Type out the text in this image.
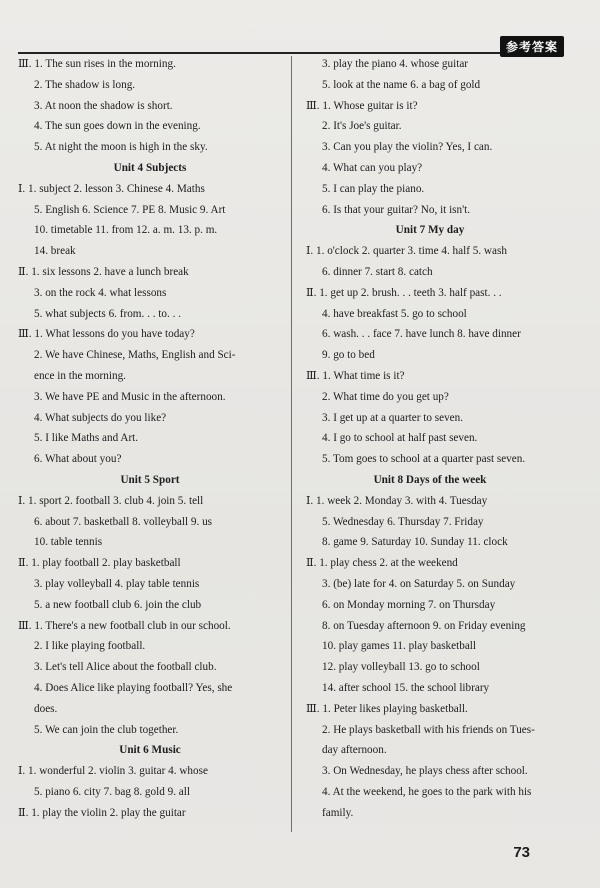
参考答案
Ⅲ. 1. The sun rises in the morning.
2. The shadow is long.
3. At noon the shadow is short.
4. The sun goes down in the evening.
5. At night the moon is high in the sky.
Unit 4 Subjects
Ⅰ. 1. subject 2. lesson 3. Chinese 4. Maths
5. English 6. Science 7. PE 8. Music 9. Art
10. timetable 11. from 12. a. m. 13. p. m.
14. break
Ⅱ. 1. six lessons 2. have a lunch break
3. on the rock 4. what lessons
5. what subjects 6. from. . . to. . .
Ⅲ. 1. What lessons do you have today?
2. We have Chinese, Maths, English and Sci-
ence in the morning.
3. We have PE and Music in the afternoon.
4. What subjects do you like?
5. I like Maths and Art.
6. What about you?
Unit 5 Sport
Ⅰ. 1. sport 2. football 3. club 4. join 5. tell
6. about 7. basketball 8. volleyball 9. us
10. table tennis
Ⅱ. 1. play football 2. play basketball
3. play volleyball 4. play table tennis
5. a new football club 6. join the club
Ⅲ. 1. There's a new football club in our school.
2. I like playing football.
3. Let's tell Alice about the football club.
4. Does Alice like playing football? Yes, she
does.
5. We can join the club together.
Unit 6 Music
Ⅰ. 1. wonderful 2. violin 3. guitar 4. whose
5. piano 6. city 7. bag 8. gold 9. all
Ⅱ. 1. play the violin 2. play the guitar
3. play the piano 4. whose guitar
5. look at the name 6. a bag of gold
Ⅲ. 1. Whose guitar is it?
2. It's Joe's guitar.
3. Can you play the violin? Yes, I can.
4. What can you play?
5. I can play the piano.
6. Is that your guitar? No, it isn't.
Unit 7 My day
Ⅰ. 1. o'clock 2. quarter 3. time 4. half 5. wash
6. dinner 7. start 8. catch
Ⅱ. 1. get up 2. brush. . . teeth 3. half past. . .
4. have breakfast 5. go to school
6. wash. . . face 7. have lunch 8. have dinner
9. go to bed
Ⅲ. 1. What time is it?
2. What time do you get up?
3. I get up at a quarter to seven.
4. I go to school at half past seven.
5. Tom goes to school at a quarter past seven.
Unit 8 Days of the week
Ⅰ. 1. week 2. Monday 3. with 4. Tuesday
5. Wednesday 6. Thursday 7. Friday
8. game 9. Saturday 10. Sunday 11. clock
Ⅱ. 1. play chess 2. at the weekend
3. (be) late for 4. on Saturday 5. on Sunday
6. on Monday morning 7. on Thursday
8. on Tuesday afternoon 9. on Friday evening
10. play games 11. play basketball
12. play volleyball 13. go to school
14. after school 15. the school library
Ⅲ. 1. Peter likes playing basketball.
2. He plays basketball with his friends on Tues-
day afternoon.
3. On Wednesday, he plays chess after school.
4. At the weekend, he goes to the park with his
family.
73
